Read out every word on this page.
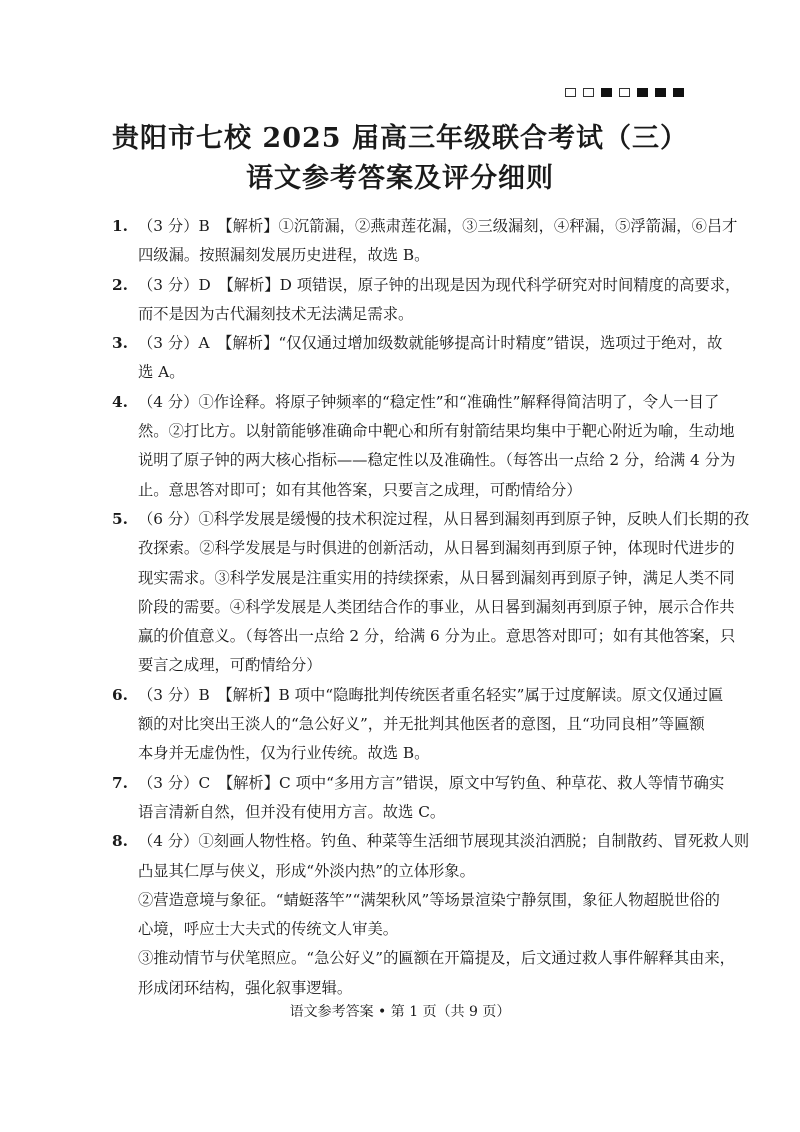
贵阳市七校 2025 届高三年级联合考试（三）
语文参考答案及评分细则
1. （3 分）B　【解析】①沉箭漏，②燕肃莲花漏，③三级漏刻，④秤漏，⑤浮箭漏，⑥吕才
四级漏。按照漏刻发展历史进程，故选 B。
2. （3 分）D　【解析】D 项错误，原子钟的出现是因为现代科学研究对时间精度的高要求，
而不是因为古代漏刻技术无法满足需求。
3. （3 分）A　【解析】“仅仅通过增加级数就能够提高计时精度”错误，选项过于绝对，故
选 A。
4. （4 分）①作诠释。将原子钟频率的“稳定性”和“准确性”解释得简洁明了，令人一目了
然。②打比方。以射箭能够准确命中靶心和所有射箭结果均集中于靶心附近为喻，生动地
说明了原子钟的两大核心指标——稳定性以及准确性。（每答出一点给 2 分，给满 4 分为
止。意思答对即可；如有其他答案，只要言之成理，可酌情给分）
5. （6 分）①科学发展是缓慢的技术积淀过程，从日晷到漏刻再到原子钟，反映人们长期的孜
孜探索。②科学发展是与时俱进的创新活动，从日晷到漏刻再到原子钟，体现时代进步的
现实需求。③科学发展是注重实用的持续探索，从日晷到漏刻再到原子钟，满足人类不同
阶段的需要。④科学发展是人类团结合作的事业，从日晷到漏刻再到原子钟，展示合作共
赢的价值意义。（每答出一点给 2 分，给满 6 分为止。意思答对即可；如有其他答案，只
要言之成理，可酌情给分）
6. （3 分）B　【解析】B 项中“隐晦批判传统医者重名轻实”属于过度解读。原文仅通过匾
额的对比突出王淡人的“急公好义”，并无批判其他医者的意图，且“功同良相”等匾额
本身并无虚伪性，仅为行业传统。故选 B。
7. （3 分）C　【解析】C 项中“多用方言”错误，原文中写钓鱼、种草花、救人等情节确实
语言清新自然，但并没有使用方言。故选 C。
8. （4 分）①刻画人物性格。钓鱼、种菜等生活细节展现其淡泊洒脱；自制散药、冒死救人则
凸显其仁厚与侠义，形成“外淡内热”的立体形象。
②营造意境与象征。“蜻蜓落竿”“满架秋风”等场景渲染宁静氛围，象征人物超脱世俗的
心境，呼应士大夫式的传统文人审美。
③推动情节与伏笔照应。“急公好义”的匾额在开篇提及，后文通过救人事件解释其由来，
形成闭环结构，强化叙事逻辑。
语文参考答案 • 第 1 页（共 9 页）
